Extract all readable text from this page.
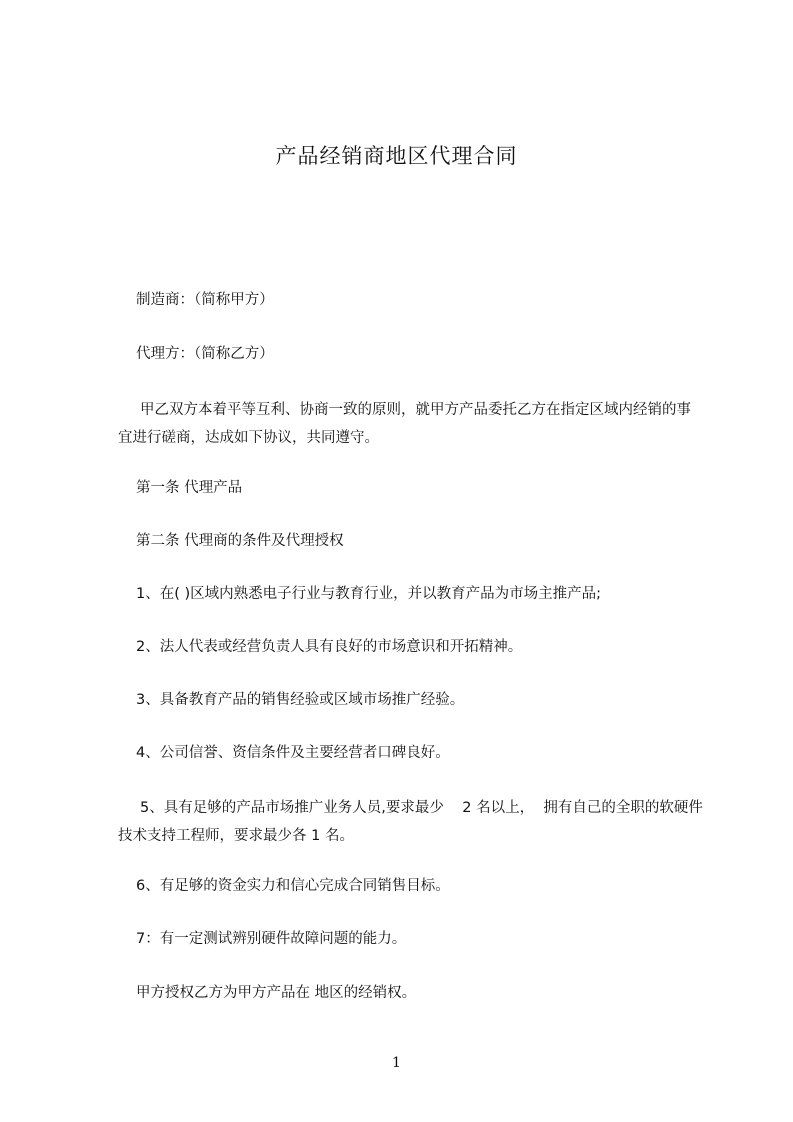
产品经销商地区代理合同
制造商：（简称甲方）
代理方：（简称乙方）
甲乙双方本着平等互利、协商一致的原则，就甲方产品委托乙方在指定区域内经销的事宜进行磋商，达成如下协议，共同遵守。
第一条 代理产品
第二条 代理商的条件及代理授权
1、在( )区域内熟悉电子行业与教育行业，并以教育产品为市场主推产品;
2、法人代表或经营负责人具有良好的市场意识和开拓精神。
3、具备教育产品的销售经验或区域市场推广经验。
4、公司信誉、资信条件及主要经营者口碑良好。
5、具有足够的产品市场推广业务人员,要求最少    2 名以上，  拥有自己的全职的软硬件技术支持工程师，要求最少各 1 名。
6、有足够的资金实力和信心完成合同销售目标。
7：有一定测试辨别硬件故障问题的能力。
甲方授权乙方为甲方产品在 地区的经销权。
1
